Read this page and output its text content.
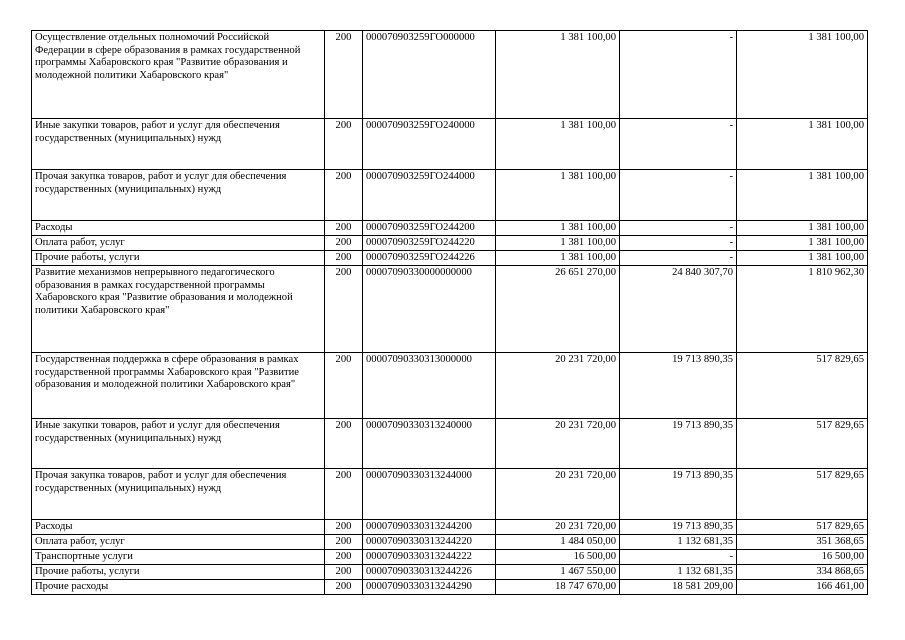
Осуществление отдельных полномочий Российской Федерации в сфере образования в рамках государственной программы Хабаровского края "Развитие образования и молодежной политики Хабаровского края"	200	000070903259ГО000000	1 381 100,00	-	1 381 100,00
Иные закупки товаров, работ и услуг для обеспечения государственных (муниципальных) нужд	200	000070903259ГО240000	1 381 100,00	-	1 381 100,00
Прочая закупка товаров, работ и услуг для обеспечения государственных (муниципальных) нужд	200	000070903259ГО244000	1 381 100,00	-	1 381 100,00
Расходы	200	000070903259ГО244200	1 381 100,00	-	1 381 100,00
Оплата работ, услуг	200	000070903259ГО244220	1 381 100,00	-	1 381 100,00
Прочие работы, услуги	200	000070903259ГО244226	1 381 100,00	-	1 381 100,00
Развитие механизмов непрерывного педагогического образования в рамках государственной программы Хабаровского края "Развитие образования и молодежной политики Хабаровского края"	200	00007090330000000000	26 651 270,00	24 840 307,70	1 810 962,30
Государственная поддержка в сфере образования в рамках государственной программы Хабаровского края "Развитие образования и молодежной политики Хабаровского края"	200	00007090330313000000	20 231 720,00	19 713 890,35	517 829,65
Иные закупки товаров, работ и услуг для обеспечения государственных (муниципальных) нужд	200	00007090330313240000	20 231 720,00	19 713 890,35	517 829,65
Прочая закупка товаров, работ и услуг для обеспечения государственных (муниципальных) нужд	200	00007090330313244000	20 231 720,00	19 713 890,35	517 829,65
Расходы	200	00007090330313244200	20 231 720,00	19 713 890,35	517 829,65
Оплата работ, услуг	200	00007090330313244220	1 484 050,00	1 132 681,35	351 368,65
Транспортные услуги	200	00007090330313244222	16 500,00	-	16 500,00
Прочие работы, услуги	200	00007090330313244226	1 467 550,00	1 132 681,35	334 868,65
Прочие расходы	200	00007090330313244290	18 747 670,00	18 581 209,00	166 461,00
